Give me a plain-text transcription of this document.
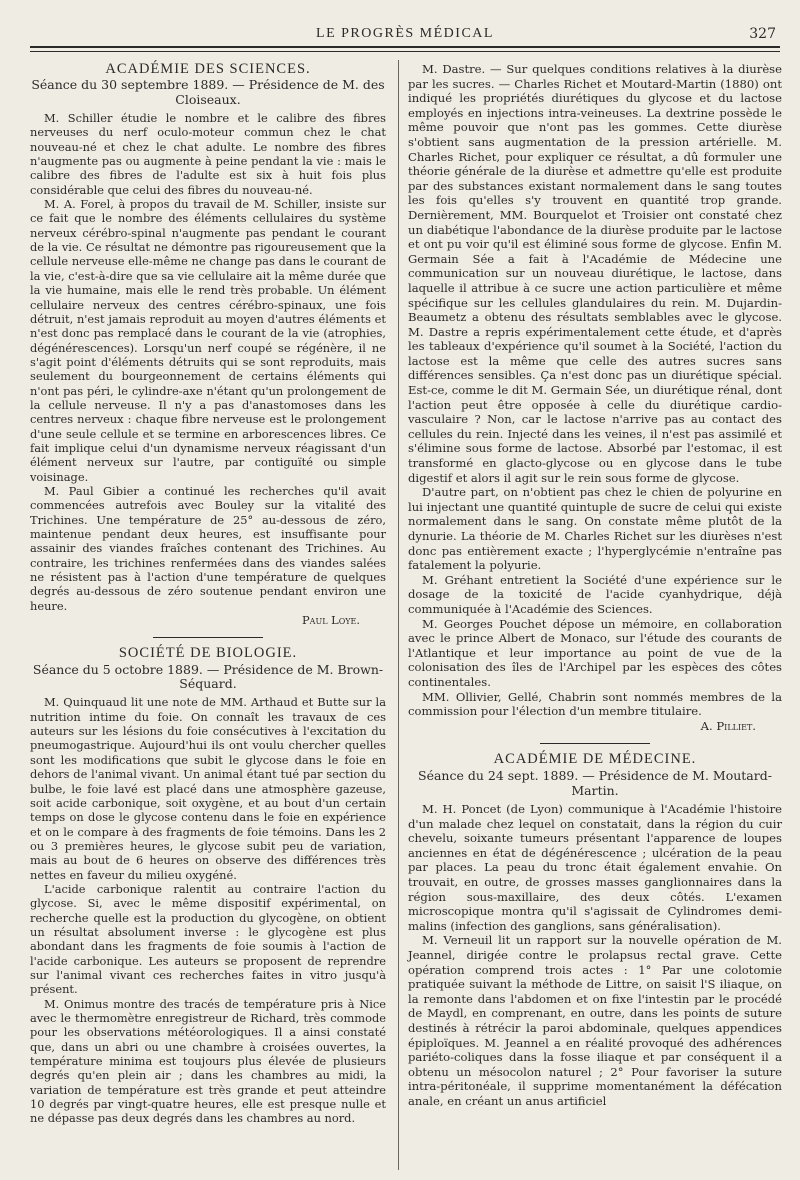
LE PROGRÈS MÉDICAL	327
ACADÉMIE DES SCIENCES.
Séance du 30 septembre 1889. — Présidence de M. des Cloiseaux.

M. Schiller étudie le nombre et le calibre des fibres nerveuses du nerf oculo-moteur commun chez le chat nouveau-né et chez le chat adulte. Le nombre des fibres n'augmente pas ou augmente à peine pendant la vie : mais le calibre des fibres de l'adulte est six à huit fois plus considérable que celui des fibres du nouveau-né.

M. A. Forel, à propos du travail de M. Schiller, insiste sur ce fait que le nombre des éléments cellulaires du système nerveux cérébro-spinal n'augmente pas pendant le courant de la vie. Ce résultat ne démontre pas rigoureusement que la cellule nerveuse elle-même ne change pas dans le courant de la vie, c'est-à-dire que sa vie cellulaire ait la même durée que la vie humaine, mais elle le rend très probable. Un élément cellulaire nerveux des centres cérébro-spinaux, une fois détruit, n'est jamais reproduit au moyen d'autres éléments et n'est donc pas remplacé dans le courant de la vie (atrophies, dégénérescences). Lorsqu'un nerf coupé se régénère, il ne s'agit point d'éléments détruits qui se sont reproduits, mais seulement du bourgeonnement de certains éléments qui n'ont pas péri, le cylindre-axe n'étant qu'un prolongement de la cellule nerveuse. Il n'y a pas d'anastomoses dans les centres nerveux : chaque fibre nerveuse est le prolongement d'une seule cellule et se termine en arborescences libres. Ce fait implique celui d'un dynamisme nerveux réagissant d'un élément nerveux sur l'autre, par contiguïté ou simple voisinage.

M. Paul Gibier a continué les recherches qu'il avait commencées autrefois avec Bouley sur la vitalité des Trichines. Une température de 25° au-dessous de zéro, maintenue pendant deux heures, est insuffisante pour assainir des viandes fraîches contenant des Trichines. Au contraire, les trichines renfermées dans des viandes salées ne résistent pas à l'action d'une température de quelques degrés au-dessous de zéro soutenue pendant environ une heure.

Paul Loye.
SOCIÉTÉ DE BIOLOGIE.
Séance du 5 octobre 1889. — Présidence de M. Brown-Séquard.

M. Quinquaud lit une note de MM. Arthaud et Butte sur la nutrition intime du foie. On connaît les travaux de ces auteurs sur les lésions du foie consécutives à l'excitation du pneumogastrique. Aujourd'hui ils ont voulu chercher quelles sont les modifications que subit le glycose dans le foie en dehors de l'animal vivant. Un animal étant tué par section du bulbe, le foie lavé est placé dans une atmosphère gazeuse, soit acide carbonique, soit oxygène, et au bout d'un certain temps on dose le glycose contenu dans le foie en expérience et on le compare à des fragments de foie témoins. Dans les 2 ou 3 premières heures, le glycose subit peu de variation, mais au bout de 6 heures on observe des différences très nettes en faveur du milieu oxygéné.

L'acide carbonique ralentit au contraire l'action du glycose. Si, avec le même dispositif expérimental, on recherche quelle est la production du glycogène, on obtient un résultat absolument inverse : le glycogène est plus abondant dans les fragments de foie soumis à l'action de l'acide carbonique. Les auteurs se proposent de reprendre sur l'animal vivant ces recherches faites in vitro jusqu'à présent.

M. Onimus montre des tracés de température pris à Nice avec le thermomètre enregistreur de Richard, très commode pour les observations météorologiques. Il a ainsi constaté que, dans un abri ou une chambre à croisées ouvertes, la température minima est toujours plus élevée de plusieurs degrés qu'en plein air ; dans les chambres au midi, la variation de température est très grande et peut atteindre 10 degrés par vingt-quatre heures, elle est presque nulle et ne dépasse pas deux degrés dans les chambres au nord.

M. Dastre. — Sur quelques conditions relatives à la diurèse par les sucres. — Charles Richet et Moutard-Martin (1880) ont indiqué les propriétés diurétiques du glycose et du lactose employés en injections intra-veineuses. La dextrine possède le même pouvoir que n'ont pas les gommes. Cette diurèse s'obtient sans augmentation de la pression artérielle. M. Charles Richet, pour expliquer ce résultat, a dû formuler une théorie générale de la diurèse et admettre qu'elle est produite par des substances existant normalement dans le sang toutes les fois qu'elles s'y trouvent en quantité trop grande. Dernièrement, MM. Bourquelot et Troisier ont constaté chez un diabétique l'abondance de la diurèse produite par le lactose et ont pu voir qu'il est éliminé sous forme de glycose. Enfin M. Germain Sée a fait à l'Académie de Médecine une communication sur un nouveau diurétique, le lactose, dans laquelle il attribue à ce sucre une action particulière et même spécifique sur les cellules glandulaires du rein. M. Dujardin-Beaumetz a obtenu des résultats semblables avec le glycose. M. Dastre a repris expérimentalement cette étude, et d'après les tableaux d'expérience qu'il soumet à la Société, l'action du lactose est la même que celle des autres sucres sans différences sensibles. Ça n'est donc pas un diurétique spécial. Est-ce, comme le dit M. Germain Sée, un diurétique rénal, dont l'action peut être opposée à celle du diurétique cardio-vasculaire ? Non, car le lactose n'arrive pas au contact des cellules du rein. Injecté dans les veines, il n'est pas assimilé et s'élimine sous forme de lactose. Absorbé par l'estomac, il est transformé en glacto-glycose ou en glycose dans le tube digestif et alors il agit sur le rein sous forme de glycose.

D'autre part, on n'obtient pas chez le chien de polyurine en lui injectant une quantité quintuple de sucre de celui qui existe normalement dans le sang. On constate même plutôt de la dynurie. La théorie de M. Charles Richet sur les diurèses n'est donc pas entièrement exacte ; l'hyperglycémie n'entraîne pas fatalement la polyurie.

M. Gréhant entretient la Société d'une expérience sur le dosage de la toxicité de l'acide cyanhydrique, déjà communiquée à l'Académie des Sciences.

M. Georges Pouchet dépose un mémoire, en collaboration avec le prince Albert de Monaco, sur l'étude des courants de l'Atlantique et leur importance au point de vue de la colonisation des îles de l'Archipel par les espèces des côtes continentales.

MM. Ollivier, Gellé, Chabrin sont nommés membres de la commission pour l'élection d'un membre titulaire.

A. Pilliet.
ACADÉMIE DE MÉDECINE.
Séance du 24 sept. 1889. — Présidence de M. Moutard-Martin.

M. H. Poncet (de Lyon) communique à l'Académie l'histoire d'un malade chez lequel on constatait, dans la région du cuir chevelu, soixante tumeurs présentant l'apparence de loupes anciennes en état de dégénérescence ; ulcération de la peau par places. La peau du tronc était également envahie. On trouvait, en outre, de grosses masses ganglionnaires dans la région sous-maxillaire, des deux côtés. L'examen microscopique montra qu'il s'agissait de Cylindromes demi-malins (infection des ganglions, sans généralisation).

M. Verneuil lit un rapport sur la nouvelle opération de M. Jeannel, dirigée contre le prolapsus rectal grave. Cette opération comprend trois actes : 1° Par une colotomie pratiquée suivant la méthode de Littre, on saisit l'S iliaque, on la remonte dans l'abdomen et on fixe l'intestin par le procédé de Maydl, en comprenant, en outre, dans les points de suture destinés à rétrécir la paroi abdominale, quelques appendices épiploïques. M. Jeannel a en réalité provoqué des adhérences pariéto-coliques dans la fosse iliaque et par conséquent il a obtenu un mésocolon naturel ; 2° Pour favoriser la suture intra-péritonéale, il supprime momentanément la défécation anale, en créant un anus artificiel
